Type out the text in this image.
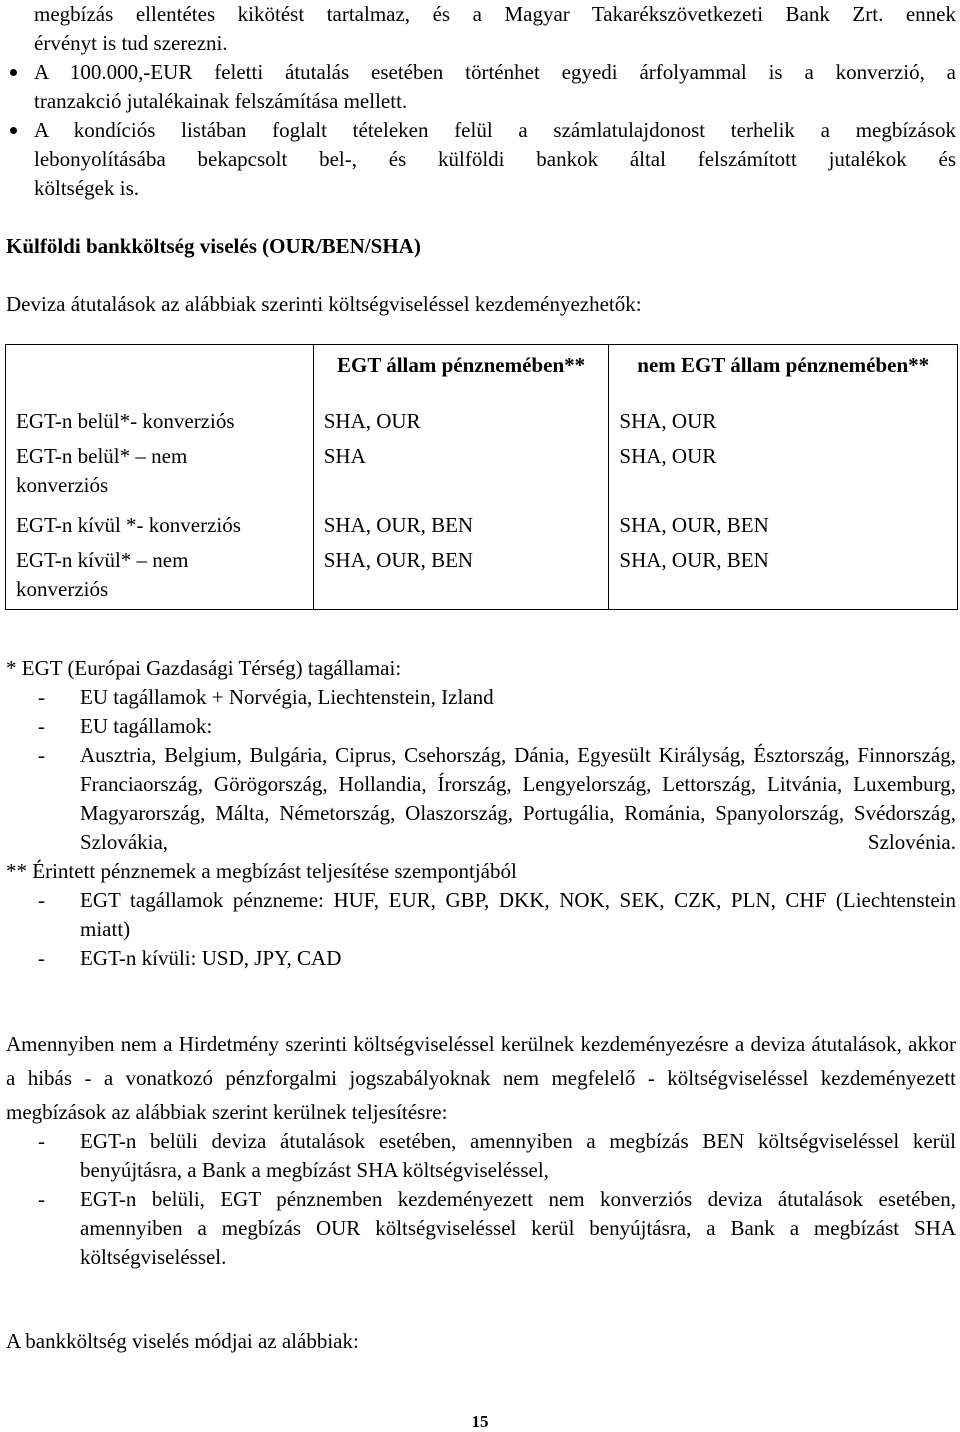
megbízás ellentétes kikötést tartalmaz, és a Magyar Takarékszövetkezeti Bank Zrt. ennek
érvényt is tud szerezni.
A 100.000,-EUR feletti átutalás esetében történhet egyedi árfolyammal is a konverzió, a
tranzakció jutalékainak felszámítása mellett.
A kondíciós listában foglalt tételeken felül a számlatulajdonost terhelik a megbízások
lebonyolításába bekapcsolt bel-, és külföldi bankok által felszámított jutalékok és
költségek is.
Külföldi bankköltség viselés (OUR/BEN/SHA)
Deviza átutalások az alábbiak szerinti költségviseléssel kezdeményezhetők:
	EGT állam pénznemében**	nem EGT állam pénznemében**
EGT-n belül*- konverziós	SHA, OUR	SHA, OUR
EGT-n belül* – nem konverziós	SHA	SHA, OUR
EGT-n kívül *- konverziós	SHA, OUR, BEN	SHA, OUR, BEN
EGT-n kívül* – nem konverziós	SHA, OUR, BEN	SHA, OUR, BEN
* EGT (Európai Gazdasági Térség) tagállamai:
- EU tagállamok + Norvégia, Liechtenstein, Izland
- EU tagállamok:
- Ausztria, Belgium, Bulgária, Ciprus, Csehország, Dánia, Egyesült Királyság, Észtország, Finnország, Franciaország, Görögország, Hollandia, Írország, Lengyelország, Lettország, Litvánia, Luxemburg, Magyarország, Málta, Németország, Olaszország, Portugália, Románia, Spanyolország, Svédország, Szlovákia, Szlovénia.
** Érintett pénznemek a megbízást teljesítése szempontjából
- EGT tagállamok pénzneme: HUF, EUR, GBP, DKK, NOK, SEK, CZK, PLN, CHF (Liechtenstein miatt)
- EGT-n kívüli: USD, JPY, CAD
Amennyiben nem a Hirdetmény szerinti költségviseléssel kerülnek kezdeményezésre a deviza átutalások, akkor a hibás - a vonatkozó pénzforgalmi jogszabályoknak nem megfelelő - költségviseléssel kezdeményezett megbízások az alábbiak szerint kerülnek teljesítésre:
- EGT-n belüli deviza átutalások esetében, amennyiben a megbízás BEN költségviseléssel kerül benyújtásra, a Bank a megbízást SHA költségviseléssel,
- EGT-n belüli, EGT pénznemben kezdeményezett nem konverziós deviza átutalások esetében, amennyiben a megbízás OUR költségviseléssel kerül benyújtásra, a Bank a megbízást SHA költségviseléssel.
A bankköltség viselés módjai az alábbiak:
15
